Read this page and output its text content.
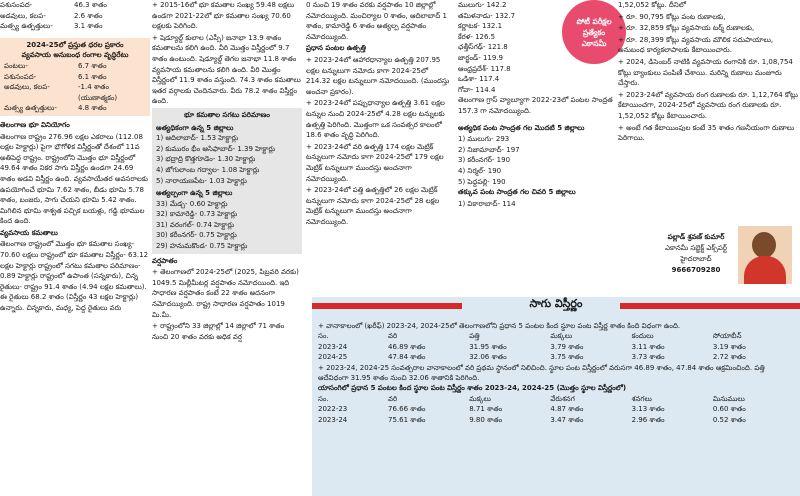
పశుసంపద-	46.3 శాతం
అడవులు, కలప-	2.6 శాతం
మత్స్య ఉత్పత్తులు-	3.1 శాతం
2024-25లో ప్రస్తుత ధరల ప్రకారం
వ్యవసాయ అనుబంధ రంగాల వృద్ధిరేటు
పంటలు-	6.7 శాతం
పశుసంపద-	6.1 శాతం
అడవులు, కలప-	-1.4 శాతం
(యుణాత్మకం)
మత్స్య ఉత్పత్తులు-	4.8 శాతం

తెలంగాణ భూ వినియోగం

తెలంగాణ రాష్ట్రం 276.96 లక్షల ఎకరాలు (112.08 లక్షల హెక్టార్లు) పైగా భౌగోళిక విస్తీర్ణంతో దేశంలో 11వ అతిపెద్ద రాష్ట్రం. రాష్ట్రంలోని మొత్తం భూ విస్తీర్ణంలో 49.64 శాతం నికర సాగు విస్తీర్ణం ఉండగా 24.69 శాతం అడవి విస్తీర్ణం ఉంది. వ్యవసాయేతర అవసరాలకు ఉపయోగించే భూమి 7.62 శాతం, బీడు భూమి 5.78 శాతం, బంజరు, సాగు చేయని భూమి 5.42 శాతం. మిగిలిన భూమి శాశ్వత పచ్చిక బయళ్లు, గడ్డి భూముల కింద ఉంది.

వ్యవసాయ కమతాలు

తెలంగాణ రాష్ట్రంలో మొత్తం భూ కమతాల సంఖ్య- 70.60 లక్షలు రాష్ట్రంలో భూ కమతాల విస్తీర్ణం- 63.12 లక్షల హెక్టార్లు రాష్ట్రంలో సగటు కమతాల పరిమాణం- 0.89 హెక్టార్లు రాష్ట్రంలో ఉపాంత (సన్నకారు), చిన్న రైతులు- రాష్ట్రం 91.4 శాతం (4.94 లక్షల కమతాలు). ఈ రైతులు 68.2 శాతం (విస్తీర్ణం 43 లక్షల హెక్టార్లు) ఉన్నారు. చిన్నకారు, మధ్య, పెద్ద రైతులు వరు

+ 2015-16లో భూ కమతాల సంఖ్య 59.48 లక్షలు ఉండగా 2021-22లో భూ కమతాల సంఖ్య 70.60 లక్షలకు పెరిగింది.

+ షెడ్యూల్డ్ కులాల (ఎస్సీ) జనాభా 13.9 శాతం కమతాలను కలిగి ఉంది. వీరి మొత్తం విస్తీర్ణంలో 9.7 శాతం ఉంటుంది. షెడ్యూల్డ్ తెగల జనాభా 11.8 శాతం వ్యవసాయ కమతాలను కలిగి ఉంది. వీరి మొత్తం విస్తీర్ణంలో 11.9 శాతం వస్తుంది. 74.3 శాతం కమతాలు ఇతర వర్గాలకు చెందినవారు. వీరు 78.2 శాతం విస్తీర్ణం ఉంది.

భూ కమతాల సగటు పరిమాణం
అత్యధికంగా ఉన్న 5 జిల్లాలు
1) ఆదిలాబాద్- 1.53 హెక్టార్లు
2) కుమురం భీం ఆసిఫాబాద్- 1.39 హెక్టార్లు
3) భద్రాద్రి కొత్తగూడెం- 1.30 హెక్టార్లు
4) జోగులాంబ గద్వాల- 1.08 హెక్టార్లు
5) నారాయణపేట- 1.03 హెక్టార్లు
అత్యల్పంగా ఉన్న 5 జిల్లాలు
33) మేడ్చ- 0.60 హెక్టార్లు
32) కామారెడ్డి- 0.73 హెక్టార్లు
31) వరంగల్- 0.74 హెక్టార్లు
30) కరీంనగర్- 0.75 హెక్టార్లు
29) హనుమకొండ- 0.75 హెక్టార్లు

వర్షపాతం

+ తెలంగాణలో 2024-25లో (2025, పిబ్రవరి వరకు) 1049.5 మిల్లీమీటర్ల వర్షపాతం నమోదయింది. ఇది సాధారణ వర్షపాతం కంటే 22 శాతం అదనంగా నమోదయ్యింది. రాష్ట్ర సాధారణ వర్షపాతం 1019 మి.మీ.

+ రాష్ట్రంలోని 33 జిల్లాల్లో 14 జిల్లాలో 71 శాతం నుంచి 20 శాతం వరకు అధిక వర్ష

0 నుంచి 19 శాతం వరకు వర్షపాతం 10 జిల్లాల్లో నమోదయ్యింది. మంచిర్యాల 0 శాతం, ఆదిలాబాద్ 1 శాతం, కామారెడ్డి 6 శాతం అత్యల్ప వర్షపాతం నమోదయ్యింది.

ప్రధాన పంటల ఉత్పత్తి

+ 2023-24లో ఆహారధాన్యాల ఉత్పత్తి 207.95 లక్షల టన్నులుగా నమోదు కాగా 2024-25లో 214.32 లక్షల టన్నులుగా నమోదయింది. (ముందస్తు అంచనా ప్రకారం).

+ 2023-24లో పప్పుధాన్యాల ఉత్పత్తి 3.61 లక్షల టన్నుల నుంచి 2024-25లో 4.28 లక్షల టన్నులకు ఉత్పత్తి పెరిగింది. మొత్తంగా ఒక సంవత్సర కాలంలో 18.6 శాతం వృద్ధి పెరిగింది.

+ 2023-24లో వరి ఉత్పత్తి 174 లక్షల మెట్రిక్ టన్నులుగా నమోదు కాగా 2024-25లో 179 లక్షల మెట్రిక్ టన్నులుగా ముందస్తు అంచనాగా నమోదయ్యింది.

+ 2023-24లో పత్తి ఉత్పత్తిలో 26 లక్షల మెట్రిక్ టన్నులుగా నమోదు కాగా 2024-25లో 28 లక్షల మెట్రిక్ టన్నులుగా ముందస్తు అంచనాగా నమోదయ్యింది.

ములుగు- 142.2
తమిళనాడు- 132.7
కర్ణాటక- 132.1
కేరళ- 126.5
ఛత్తీస్‌గఢ్- 121.8
జార్ఖండ్- 119.9
ఆంధ్రప్రదేశ్- 117.8
ఒడిశా- 117.4
గోవా- 114.4

తెలంగాణ గ్రాస్ వ్యాల్యూగా 2022-23లో పంటల సాంద్రత 157.3 గా నమోదయ్యింది.

అత్యధిక పంట సాంద్రత గల మొదటి 5 జిల్లాలు

1) ములుగు- 293
2) నిజామాబాద్- 197
3) కరీంనగర్- 190
4) నిర్మల్- 190
5) పెద్దపల్లి- 190

తక్కువ పంట సాంద్రత గల చివరి 5 జిల్లాలు

1) వికారాబాద్- 114
పోటీ పరీక్షల
ప్రత్యేకం
ఎకానమీ

1,52,052 కోట్లు. దీనిలో

+ రూ. 90,795 కోట్లు పంట రుణాలకు,

+ రూ. 32,859 కోట్లు వ్యవసాయ టర్మ్ రుణాలకు,

+ రూ. 28,399 కోట్లు వ్యవసాయ మౌలిక సదుపాయాలు, అనుబంధ కార్యకలాపాలకు కేటాయించారు.

+ 2024, డిసెంబర్ నాటికి వ్యవసాయ రంగానికి రూ. 1,08,754 కోట్లు బ్యాంకులు పంపిణీ చేశాయి. మరిన్ని రుణాలు మంజూరు చేస్తారు.

+ 2023-24లో వ్యవసాయ రంగ రుణాలకు రూ. 1,12,764 కోట్లు కేటాయించగా, 2024-25లో వ్యవసాయ రంగ రుణాలకు రూ. 1,52,052 కోట్లు కేటాయించారు.

+ అంటే గత కేటాయింపుల కంటే 35 శాతం గణనీయంగా రుణాలు పెరిగాయి.

పల్లాడ్ శ్రవణ్ కుమార్
ఎకానమీ సబ్జెక్ట్ ఎక్స్‌పర్ట్
హైదరాబాద్
9666709280
సాగు విస్తీర్ణం

+ వానాకాలంలో (ఖరీఫ్) 2023-24, 2024-25లో తెలంగాణలోని ప్రధాన 5 పంటల కింద స్థూల పంట విస్తీర్ణ శాతం కింది విధంగా ఉంది.

సం.	వరి	పత్తి	మక్కలు	కందులు	సోయాబీన్
2023-24	46.89 శాతం	31.95 శాతం	3.79 శాతం	3.11 శాతం	3.19 శాతం
2024-25	47.84 శాతం	32.06 శాతం	3.75 శాతం	3.73 శాతం	2.72 శాతం

+ 2023-24, 2024-25 సంవత్సరాల వానాకాలంలో వరి ప్రథమ స్థానంలో నిలిచింది. స్థూల పంట విస్తీర్ణంలో వరుసగా 46.89 శాతం, 47.84 శాతం ఆక్రమించింది. పత్తి ఆదేవిధంగా 31.95 శాతం నుంచి 32.06 శాతానికి పెరిగింది.

యాసంగిలో ప్రధాన 5 పంటల కింద స్థూల పంట విస్తీర్ణం శాతం 2023-24, 2024-25 (మొత్తం స్థూల విస్తీర్ణంలో)

సం.	వరి	మక్కలు	వేరుశనగ	శనగలు	మినుములు
2022-23	76.66 శాతం	8.71 శాతం	4.87 శాతం	3.13 శాతం	0.60 శాతం
2023-24	75.61 శాతం	9.80 శాతం	3.47 శాతం	2.96 శాతం	0.52 శాతం
